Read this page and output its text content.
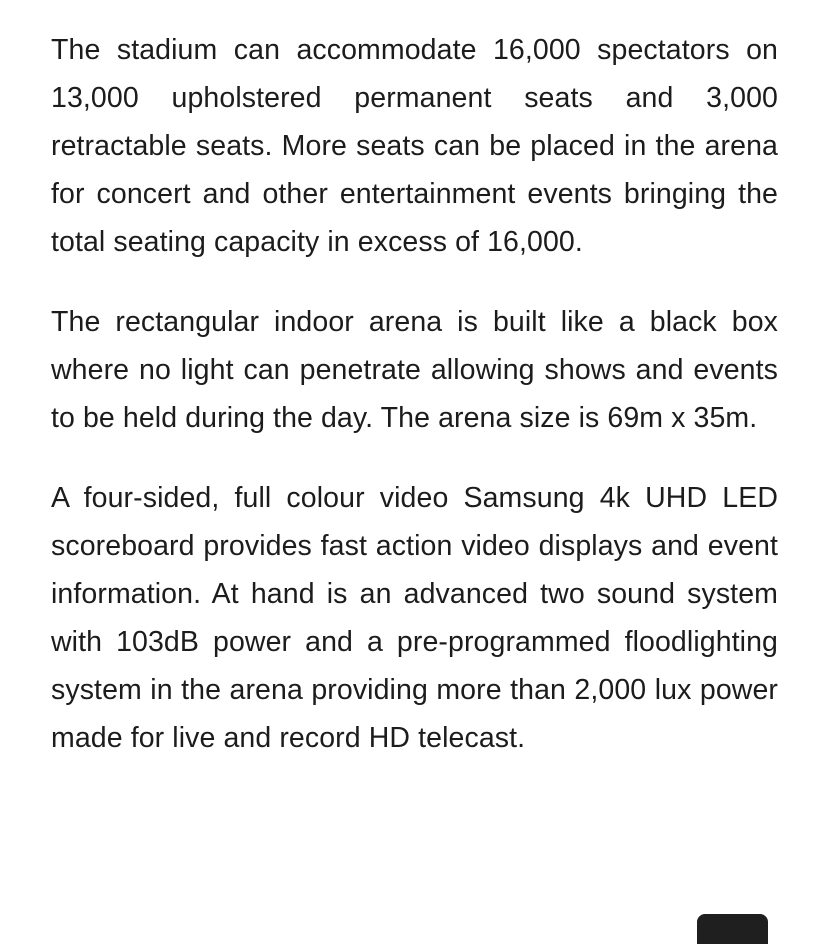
The stadium can accommodate 16,000 spectators on 13,000 upholstered permanent seats and 3,000 retractable seats. More seats can be placed in the arena for concert and other entertainment events bringing the total seating capacity in excess of 16,000.

The rectangular indoor arena is built like a black box where no light can penetrate allowing shows and events to be held during the day. The arena size is 69m x 35m.

A four-sided, full colour video Samsung 4k UHD LED scoreboard provides fast action video displays and event information. At hand is an advanced two sound system with 103dB power and a pre-programmed floodlighting system in the arena providing more than 2,000 lux power made for live and record HD telecast.
